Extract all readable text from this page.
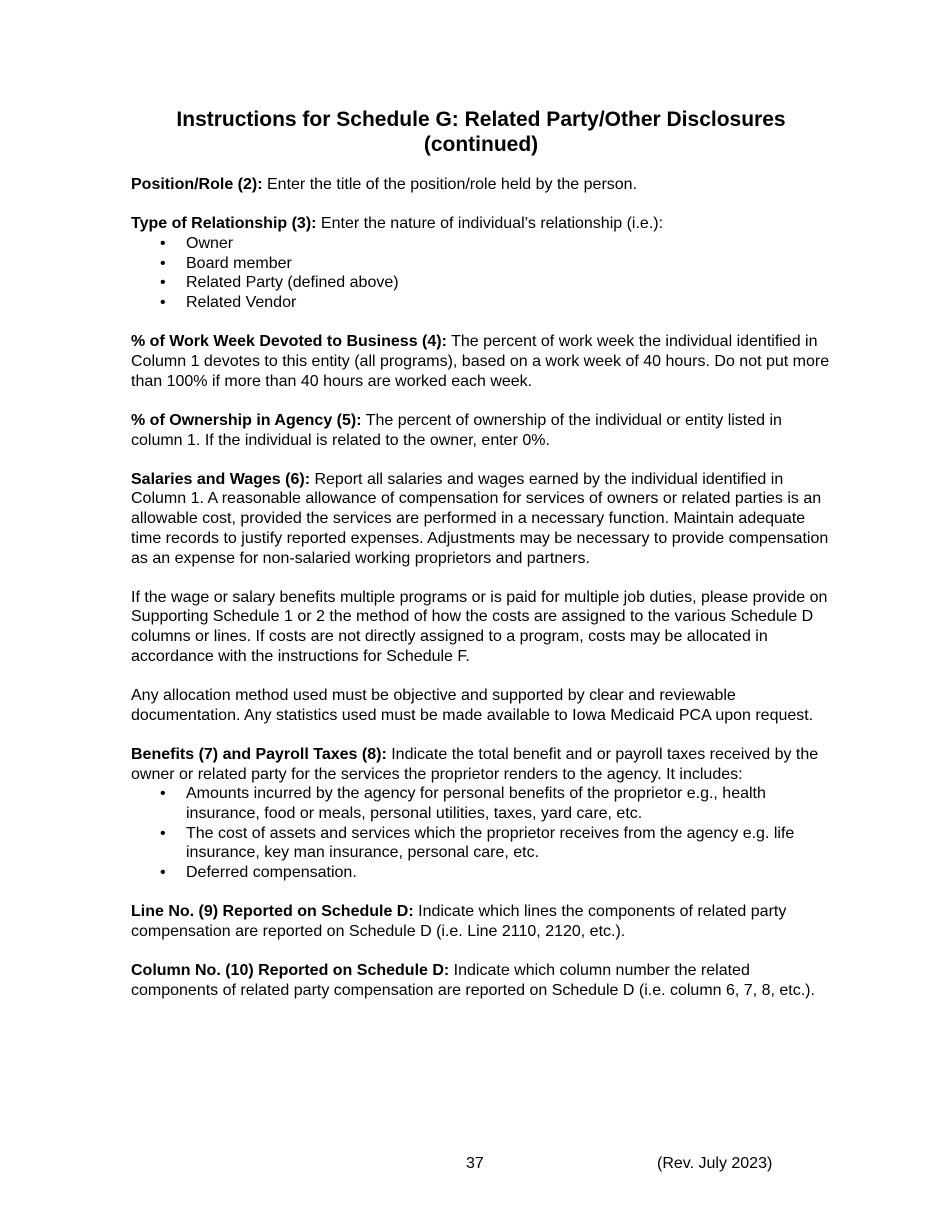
Instructions for Schedule G: Related Party/Other Disclosures
(continued)

Position/Role (2): Enter the title of the position/role held by the person.

Type of Relationship (3): Enter the nature of individual’s relationship (i.e.):

• Owner
• Board member
• Related Party (defined above)
• Related Vendor

% of Work Week Devoted to Business (4): The percent of work week the individual identified in Column 1 devotes to this entity (all programs), based on a work week of 40 hours. Do not put more than 100% if more than 40 hours are worked each week.

% of Ownership in Agency (5): The percent of ownership of the individual or entity listed in column 1. If the individual is related to the owner, enter 0%.

Salaries and Wages (6): Report all salaries and wages earned by the individual identified in Column 1. A reasonable allowance of compensation for services of owners or related parties is an allowable cost, provided the services are performed in a necessary function. Maintain adequate time records to justify reported expenses. Adjustments may be necessary to provide compensation as an expense for non-salaried working proprietors and partners.

If the wage or salary benefits multiple programs or is paid for multiple job duties, please provide on Supporting Schedule 1 or 2 the method of how the costs are assigned to the various Schedule D columns or lines. If costs are not directly assigned to a program, costs may be allocated in accordance with the instructions for Schedule F.

Any allocation method used must be objective and supported by clear and reviewable documentation. Any statistics used must be made available to Iowa Medicaid PCA upon request.

Benefits (7) and Payroll Taxes (8): Indicate the total benefit and or payroll taxes received by the owner or related party for the services the proprietor renders to the agency. It includes:

• Amounts incurred by the agency for personal benefits of the proprietor e.g., health insurance, food or meals, personal utilities, taxes, yard care, etc.
• The cost of assets and services which the proprietor receives from the agency e.g. life insurance, key man insurance, personal care, etc.
• Deferred compensation.

Line No. (9) Reported on Schedule D: Indicate which lines the components of related party compensation are reported on Schedule D (i.e. Line 2110, 2120, etc.).

Column No. (10) Reported on Schedule D: Indicate which column number the related components of related party compensation are reported on Schedule D (i.e. column 6, 7, 8, etc.).

37	(Rev. July 2023)
